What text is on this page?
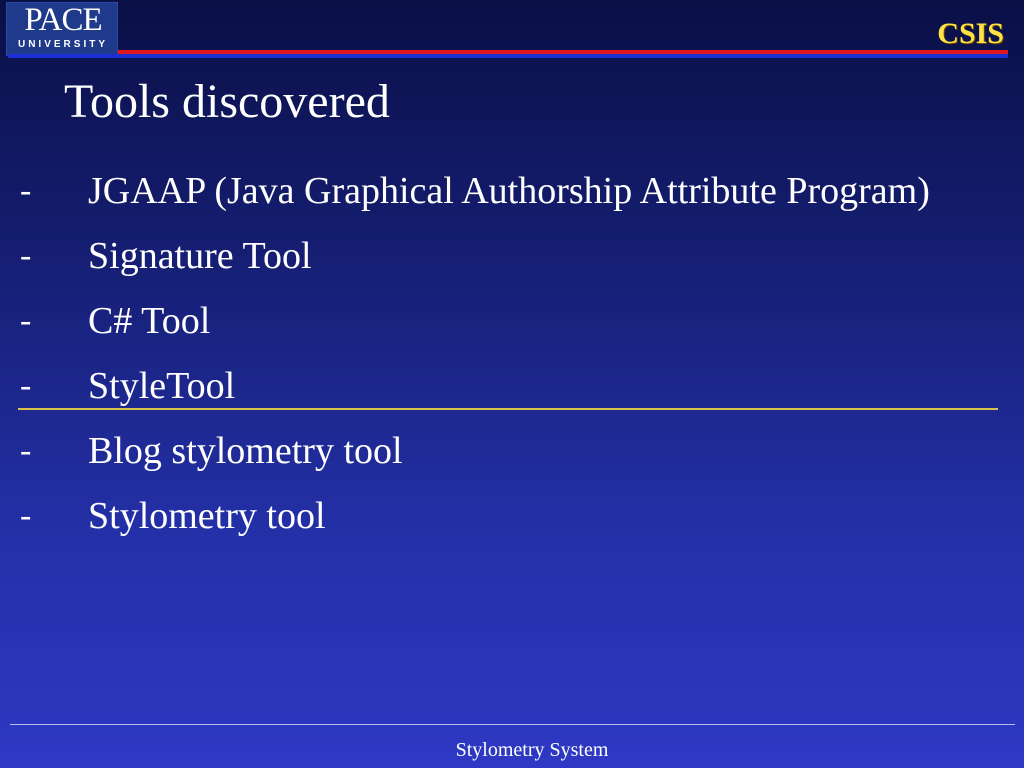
PACE
UNIVERSITY	CSIS
Tools discovered
- JGAAP (Java Graphical Authorship Attribute Program)
- Signature Tool
- C# Tool
- StyleTool
- Blog stylometry tool
- Stylometry tool
Stylometry System
